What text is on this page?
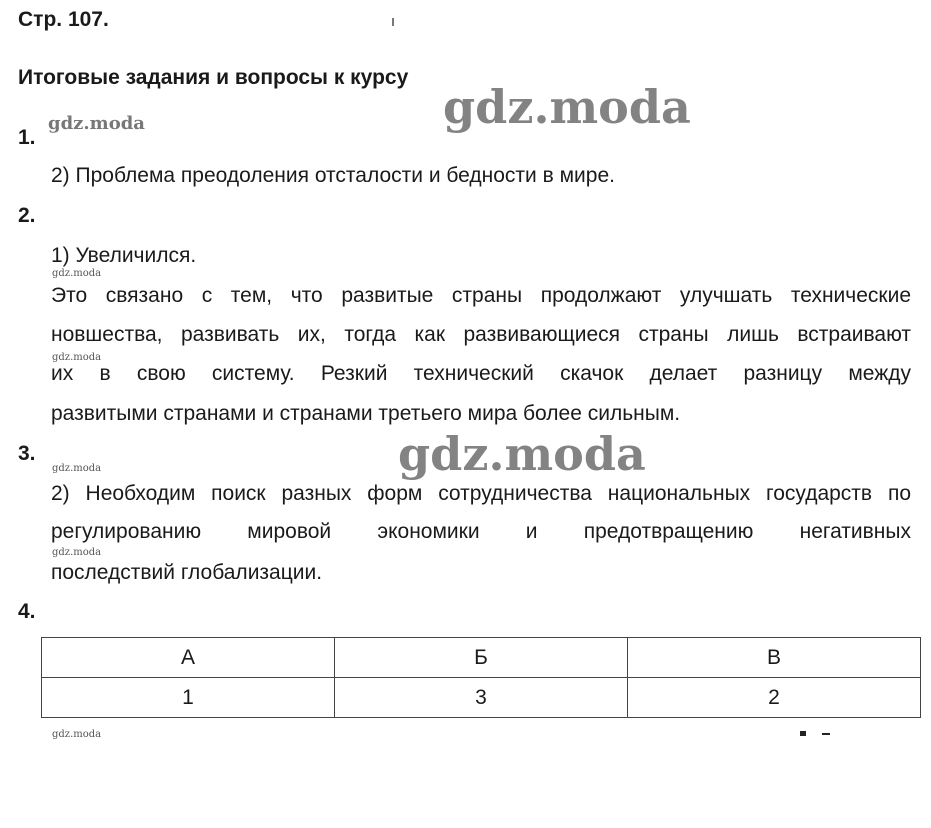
Стр. 107.
Итоговые задания и вопросы к курсу
gdz.moda
gdz.moda
gdz.moda
gdz.moda
gdz.moda
gdz.moda
gdz.moda
gdz.moda
1.
2) Проблема преодоления отсталости и бедности в мире.
2.
1) Увеличился.
Это связано с тем, что развитые страны продолжают улучшать технические
новшества, развивать их, тогда как развивающиеся страны лишь встраивают
их в свою систему. Резкий технический скачок делает разницу между
развитыми странами и странами третьего мира более сильным.
3.
2) Необходим поиск разных форм сотрудничества национальных государств по
регулированию мировой экономики и предотвращению негативных
последствий глобализации.
4.
А	Б	В
1	3	2
